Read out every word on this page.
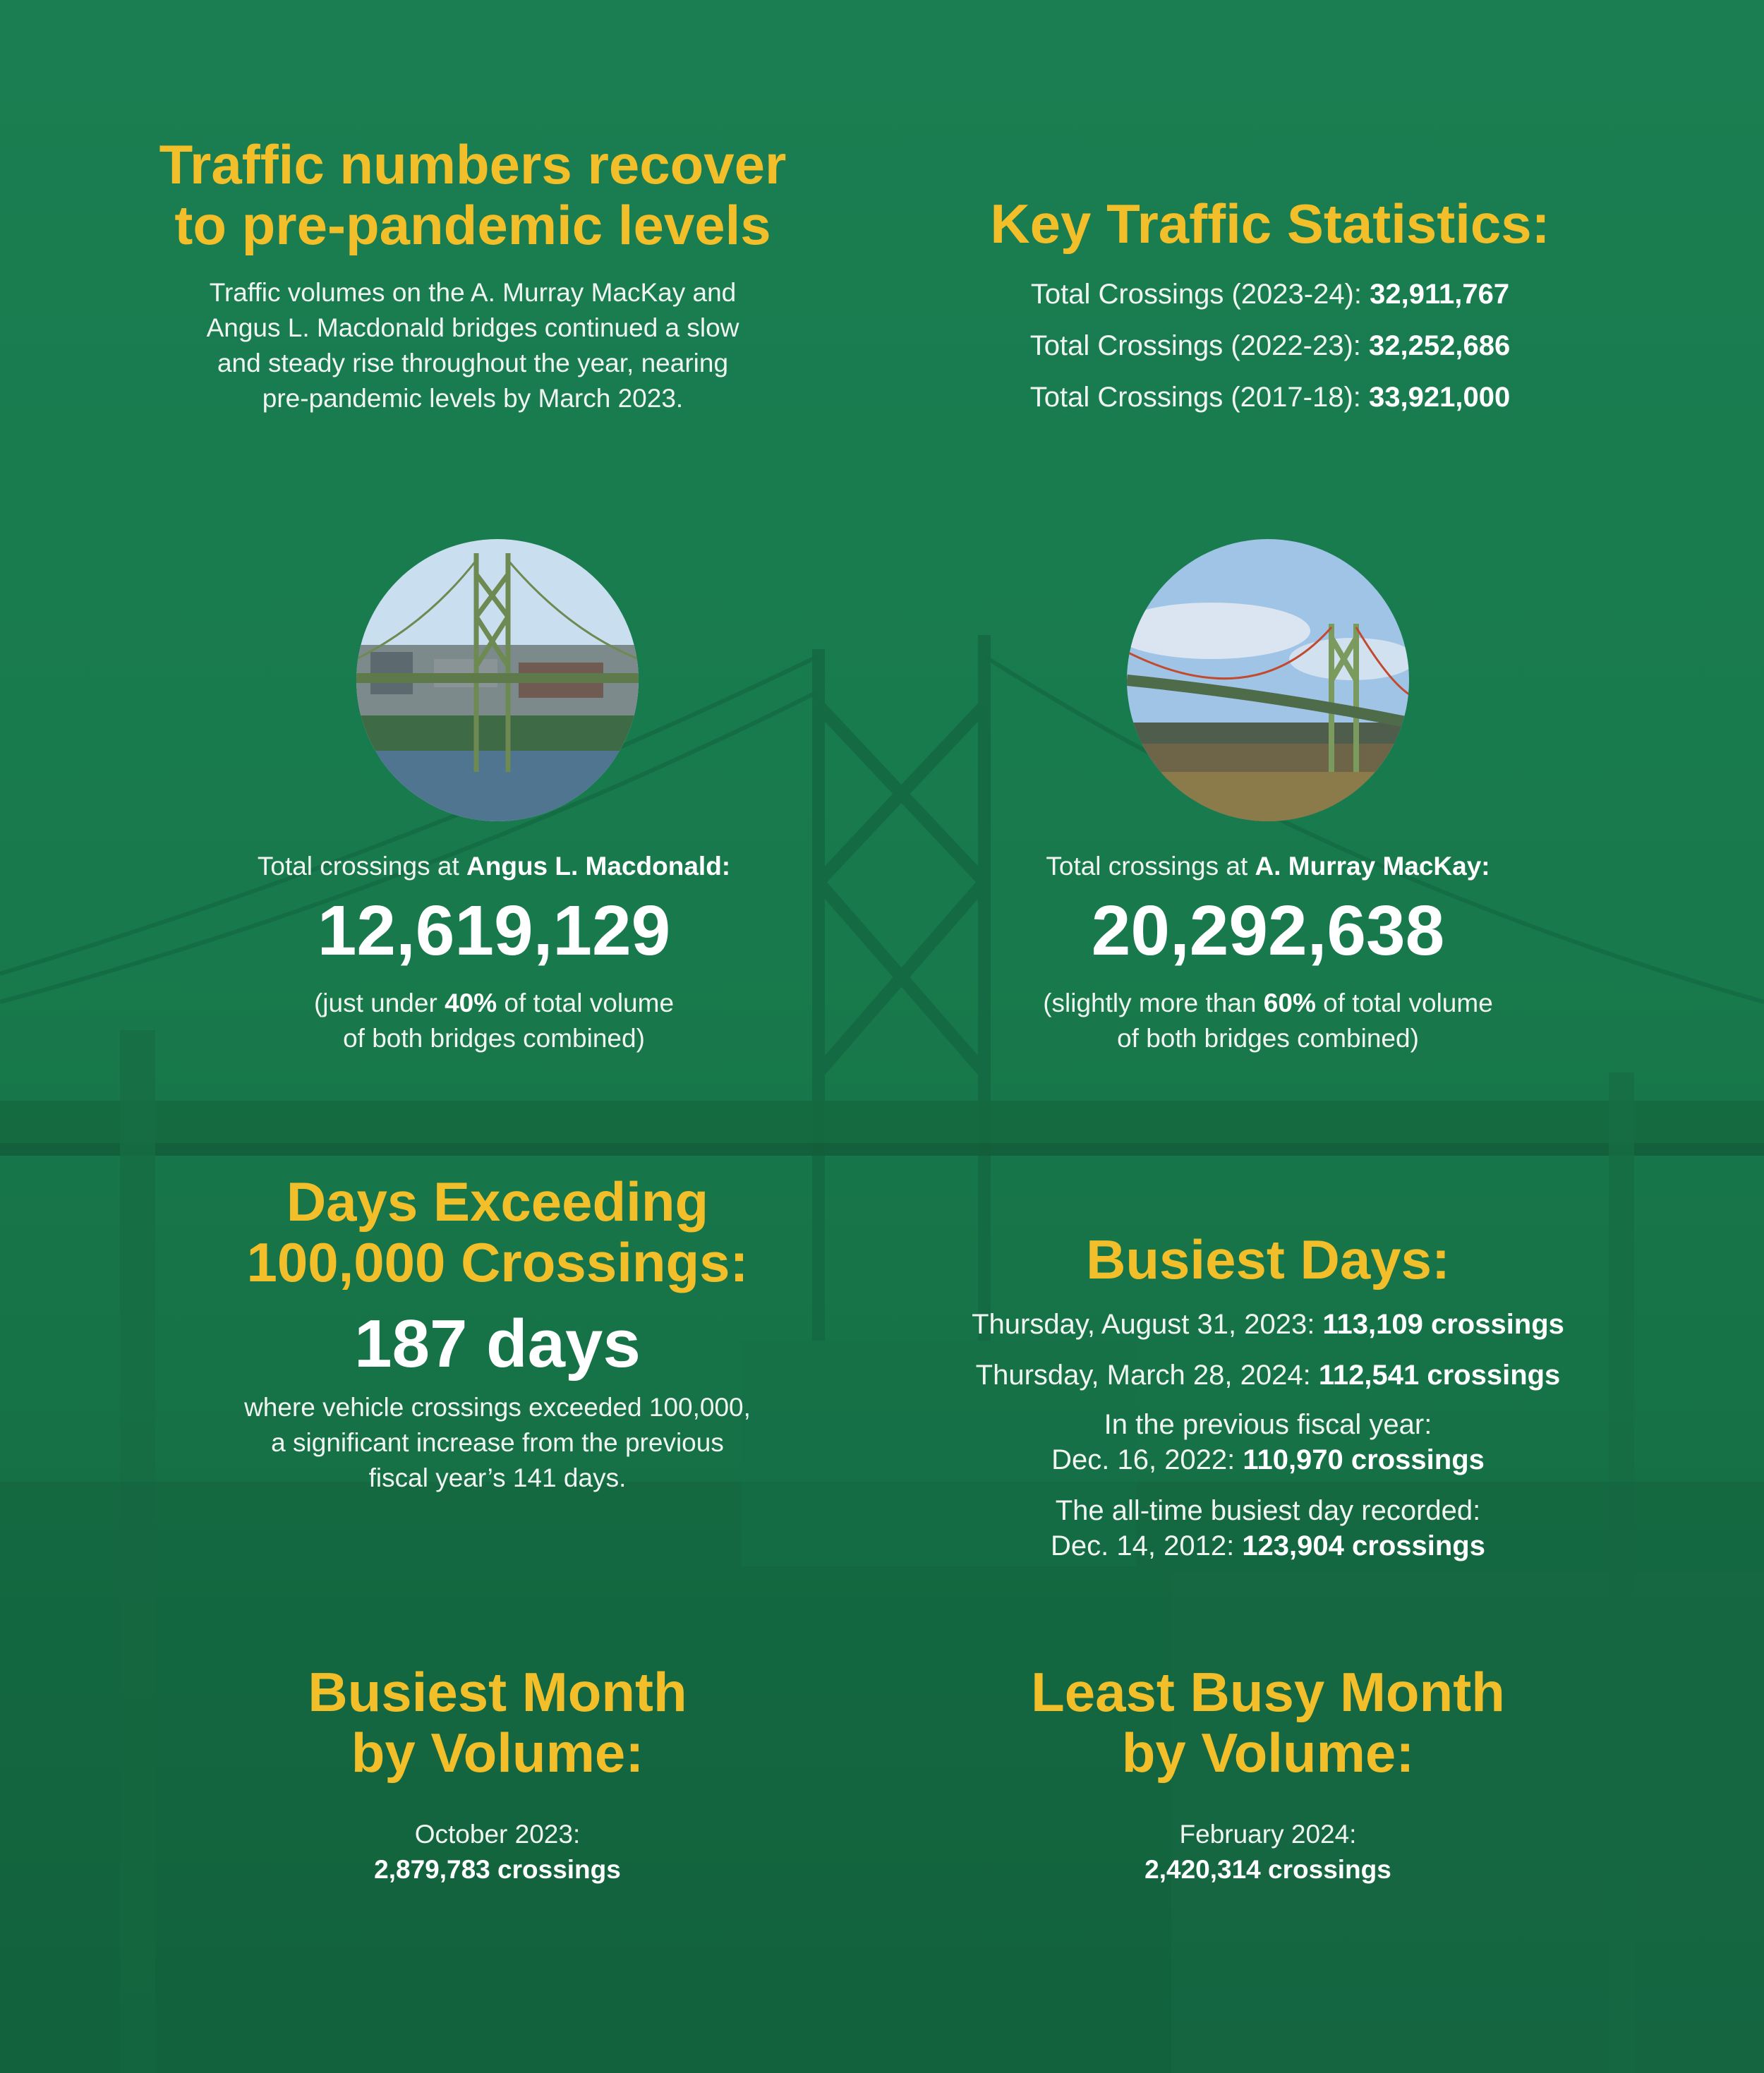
Traffic numbers recover
to pre-pandemic levels

Traffic volumes on the A. Murray MacKay and

Angus L. Macdonald bridges continued a slow

and steady rise throughout the year, nearing

pre-pandemic levels by March 2023.

Key Traffic Statistics:

Total Crossings (2023-24): 32,911,767

Total Crossings (2022-23): 32,252,686

Total Crossings (2017-18): 33,921,000

Total crossings at Angus L. Macdonald:

12,619,129

(just under 40% of total volume

of both bridges combined)

Total crossings at A. Murray MacKay:

20,292,638

(slightly more than 60% of total volume

of both bridges combined)

Days Exceeding
100,000 Crossings:

187 days

where vehicle crossings exceeded 100,000,

a significant increase from the previous

fiscal year’s 141 days.

Busiest Days:

Thursday, August 31, 2023: 113,109 crossings

Thursday, March 28, 2024: 112,541 crossings

In the previous fiscal year:

Dec. 16, 2022: 110,970 crossings

The all-time busiest day recorded:

Dec. 14, 2012: 123,904 crossings

Busiest Month
by Volume:

October 2023:

2,879,783 crossings

Least Busy Month
by Volume:

February 2024:

2,420,314 crossings
